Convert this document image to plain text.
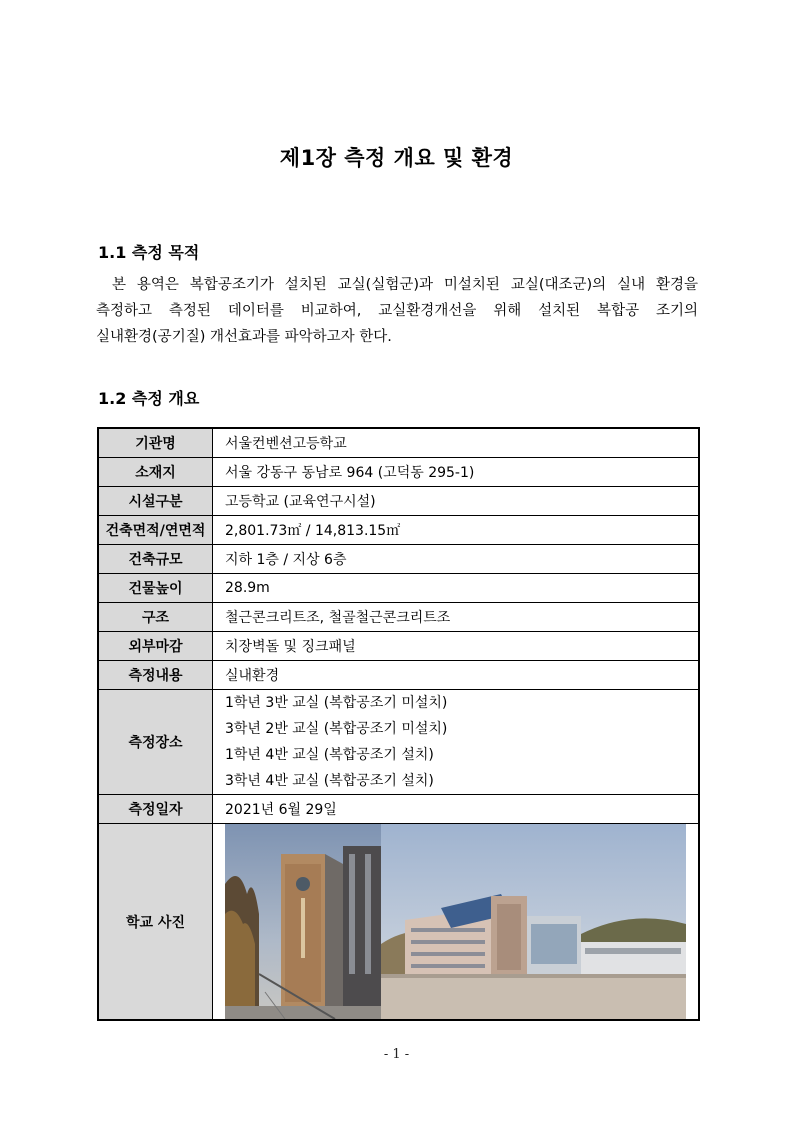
제1장 측정 개요 및 환경
1.1 측정 목적
본 용역은 복합공조기가 설치된 교실(실험군)과 미설치된 교실(대조군)의 실내 환경을
측정하고 측정된 데이터를 비교하여, 교실환경개선을 위해 설치된 복합공 조기의
실내환경(공기질) 개선효과를 파악하고자 한다.
1.2 측정 개요
기관명	서울컨벤션고등학교
소재지	서울 강동구 동남로 964 (고덕동 295-1)
시설구분	고등학교 (교육연구시설)
건축면적/연면적	2,801.73㎡ / 14,813.15㎡
건축규모	지하 1층 / 지상 6층
건물높이	28.9m
구조	철근콘크리트조, 철골철근콘크리트조
외부마감	치장벽돌 및 징크패널
측정내용	실내환경
측정장소	1학년 3반 교실 (복합공조기 미설치)
3학년 2반 교실 (복합공조기 미설치)
1학년 4반 교실 (복합공조기 설치)
3학년 4반 교실 (복합공조기 설치)

측정일자	2021년 6월 29일
학교 사진	
- 1 -
